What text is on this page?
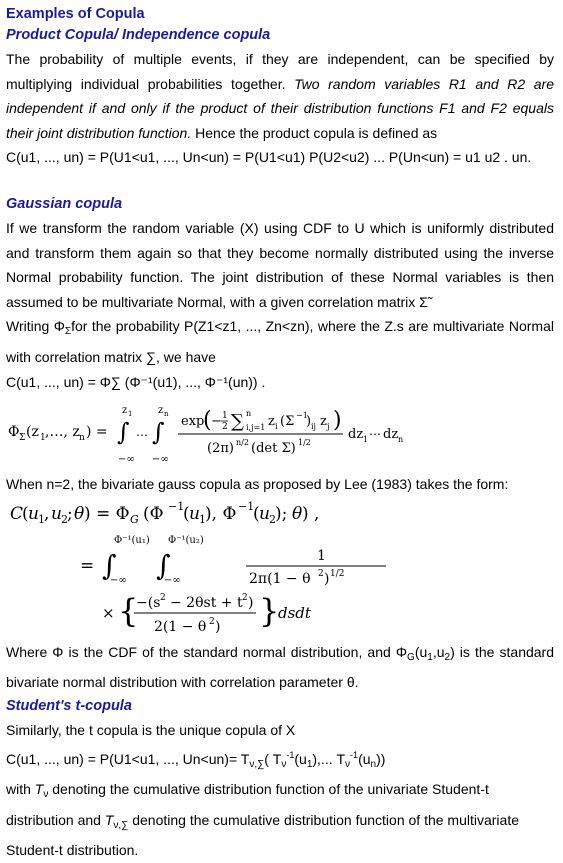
Examples of Copula
Product Copula/ Independence copula
The probability of multiple events, if they are independent, can be specified by multiplying individual probabilities together. Two random variables R1 and R2 are independent if and only if the product of their distribution functions F1 and F2 equals their joint distribution function. Hence the product copula is defined as
C(u1, ..., un) = P(U1<u1, ..., Un<un) = P(U1<u1) P(U2<u2) ... P(Un<un) = u1 u2 . un.
Gaussian copula
If we transform the random variable (X) using CDF to U which is uniformly distributed and transform them again so that they become normally distributed using the inverse Normal probability function. The joint distribution of these Normal variables is then assumed to be multivariate Normal, with a given correlation matrix Σ̃
Writing $\Phi_\Sigma for$ the probability P(Z1<z1, ..., Zn<zn), where the Z.s are multivariate Normal with correlation matrix ∑, we have
C(u1, ..., un) = Φ∑ (Φ⁻¹(u1), ..., Φ⁻¹(un)) .
Φ Σ (z 1 ,…, z n ) =
z 1
∫
−∞
…
z n
∫
−∞
exp
( − 1
2 ∑ n
i,j=1 z i (Σ −1
) ij z j )
(2π) n/2 (det Σ) 1/2
dz 1 ⋯ dz n
When n=2, the bivariate gauss copula as proposed by Lee (1983) takes the form:
C
( u 1 , u 2 ; θ ) = Φ G (Φ −1
( u 1 ), Φ −1
( u 2 ); θ ) ,
= ∫
Φ⁻¹(u₁)
−∞ ∫
Φ⁻¹(u₂)
−∞
1
2π(1 − θ 2 ) 1/2
× {
−(s 2 − 2θst + t 2 )
2(1 − θ 2 ) }
dsdt
Where Φ is the CDF of the standard normal distribution, and $\Phi_G(u_1,u_2)$ is the standard bivariate normal distribution with correlation parameter θ.
Student's t-copula
Similarly, the t copula is the unique copula of X
C(u1, ..., un) = P(U1<u1, ..., $Un<un)= T_{\nu,\sum}$( $T_\nu^{-1}(u_1)$,... $T_\nu^{-1}(u_n)$)
with $T_\nu$ denoting the cumulative distribution function of the univariate Student-t
distribution and $T_{\nu,\sum}$ denoting the cumulative distribution function of the multivariate
Student-t distribution.
